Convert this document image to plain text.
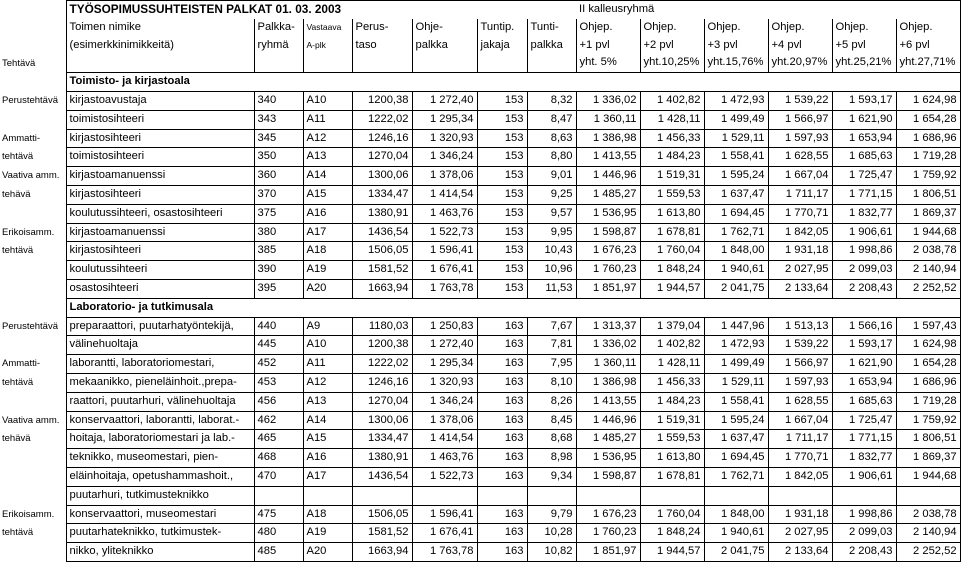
	TYÖSOPIMUSSUHTEISTEN PALKAT 01. 03. 2003							II kalleusryhmä					
	Toimen nimike	Palkka-	Vastaava	Perus-	Ohje-	Tuntip.	Tunti-	Ohjep.	Ohjep.	Ohjep.	Ohjep.	Ohjep.	Ohjep.
	(esimerkkinimikkeitä)	ryhmä	A-plk	taso	palkka	jakaja	palkka	+1 pvl	+2 pvl	+3 pvl	+4 pvl	+5 pvl	+6 pvl
Tehtävä								yht. 5%	yht.10,25%	yht.15,76%	yht.20,97%	yht.25,21%	yht.27,71%
	Toimisto- ja kirjastoala												
Perustehtävä	kirjastoavustaja	340	A10	1200,38	1 272,40	153	8,32	1 336,02	1 402,82	1 472,93	1 539,22	1 593,17	1 624,98
	toimistosihteeri	343	A11	1222,02	1 295,34	153	8,47	1 360,11	1 428,11	1 499,49	1 566,97	1 621,90	1 654,28
Ammatti-	kirjastosihteeri	345	A12	1246,16	1 320,93	153	8,63	1 386,98	1 456,33	1 529,11	1 597,93	1 653,94	1 686,96
tehtävä	toimistosihteeri	350	A13	1270,04	1 346,24	153	8,80	1 413,55	1 484,23	1 558,41	1 628,55	1 685,63	1 719,28
Vaativa amm.	kirjastoamanuenssi	360	A14	1300,06	1 378,06	153	9,01	1 446,96	1 519,31	1 595,24	1 667,04	1 725,47	1 759,92
tehävä	kirjastosihteeri	370	A15	1334,47	1 414,54	153	9,25	1 485,27	1 559,53	1 637,47	1 711,17	1 771,15	1 806,51
	koulutussihteeri, osastosihteeri	375	A16	1380,91	1 463,76	153	9,57	1 536,95	1 613,80	1 694,45	1 770,71	1 832,77	1 869,37
Erikoisamm.	kirjastoamanuenssi	380	A17	1436,54	1 522,73	153	9,95	1 598,87	1 678,81	1 762,71	1 842,05	1 906,61	1 944,68
tehtävä	kirjastosihteeri	385	A18	1506,05	1 596,41	153	10,43	1 676,23	1 760,04	1 848,00	1 931,18	1 998,86	2 038,78
	koulutussihteeri	390	A19	1581,52	1 676,41	153	10,96	1 760,23	1 848,24	1 940,61	2 027,95	2 099,03	2 140,94
	osastosihteeri	395	A20	1663,94	1 763,78	153	11,53	1 851,97	1 944,57	2 041,75	2 133,64	2 208,43	2 252,52
	Laboratorio- ja tutkimusala												
Perustehtävä	preparaattori, puutarhatyöntekijä,	440	A9	1180,03	1 250,83	163	7,67	1 313,37	1 379,04	1 447,96	1 513,13	1 566,16	1 597,43
	välinehuoltaja	445	A10	1200,38	1 272,40	163	7,81	1 336,02	1 402,82	1 472,93	1 539,22	1 593,17	1 624,98
Ammatti-	laborantti, laboratoriomestari,	452	A11	1222,02	1 295,34	163	7,95	1 360,11	1 428,11	1 499,49	1 566,97	1 621,90	1 654,28
tehtävä	mekaanikko, pieneläinhoit.,prepa-	453	A12	1246,16	1 320,93	163	8,10	1 386,98	1 456,33	1 529,11	1 597,93	1 653,94	1 686,96
	raattori, puutarhuri, välinehuoltaja	456	A13	1270,04	1 346,24	163	8,26	1 413,55	1 484,23	1 558,41	1 628,55	1 685,63	1 719,28
Vaativa amm.	konservaattori, laborantti, laborat.-	462	A14	1300,06	1 378,06	163	8,45	1 446,96	1 519,31	1 595,24	1 667,04	1 725,47	1 759,92
tehävä	hoitaja, laboratoriomestari ja lab.-	465	A15	1334,47	1 414,54	163	8,68	1 485,27	1 559,53	1 637,47	1 711,17	1 771,15	1 806,51
	teknikko, museomestari, pien-	468	A16	1380,91	1 463,76	163	8,98	1 536,95	1 613,80	1 694,45	1 770,71	1 832,77	1 869,37
	eläinhoitaja, opetushammashoit.,	470	A17	1436,54	1 522,73	163	9,34	1 598,87	1 678,81	1 762,71	1 842,05	1 906,61	1 944,68
	puutarhuri, tutkimusteknikko												
Erikoisamm.	konservaattori, museomestari	475	A18	1506,05	1 596,41	163	9,79	1 676,23	1 760,04	1 848,00	1 931,18	1 998,86	2 038,78
tehtävä	puutarhateknikko, tutkimustek-	480	A19	1581,52	1 676,41	163	10,28	1 760,23	1 848,24	1 940,61	2 027,95	2 099,03	2 140,94
	nikko, yliteknikko	485	A20	1663,94	1 763,78	163	10,82	1 851,97	1 944,57	2 041,75	2 133,64	2 208,43	2 252,52
